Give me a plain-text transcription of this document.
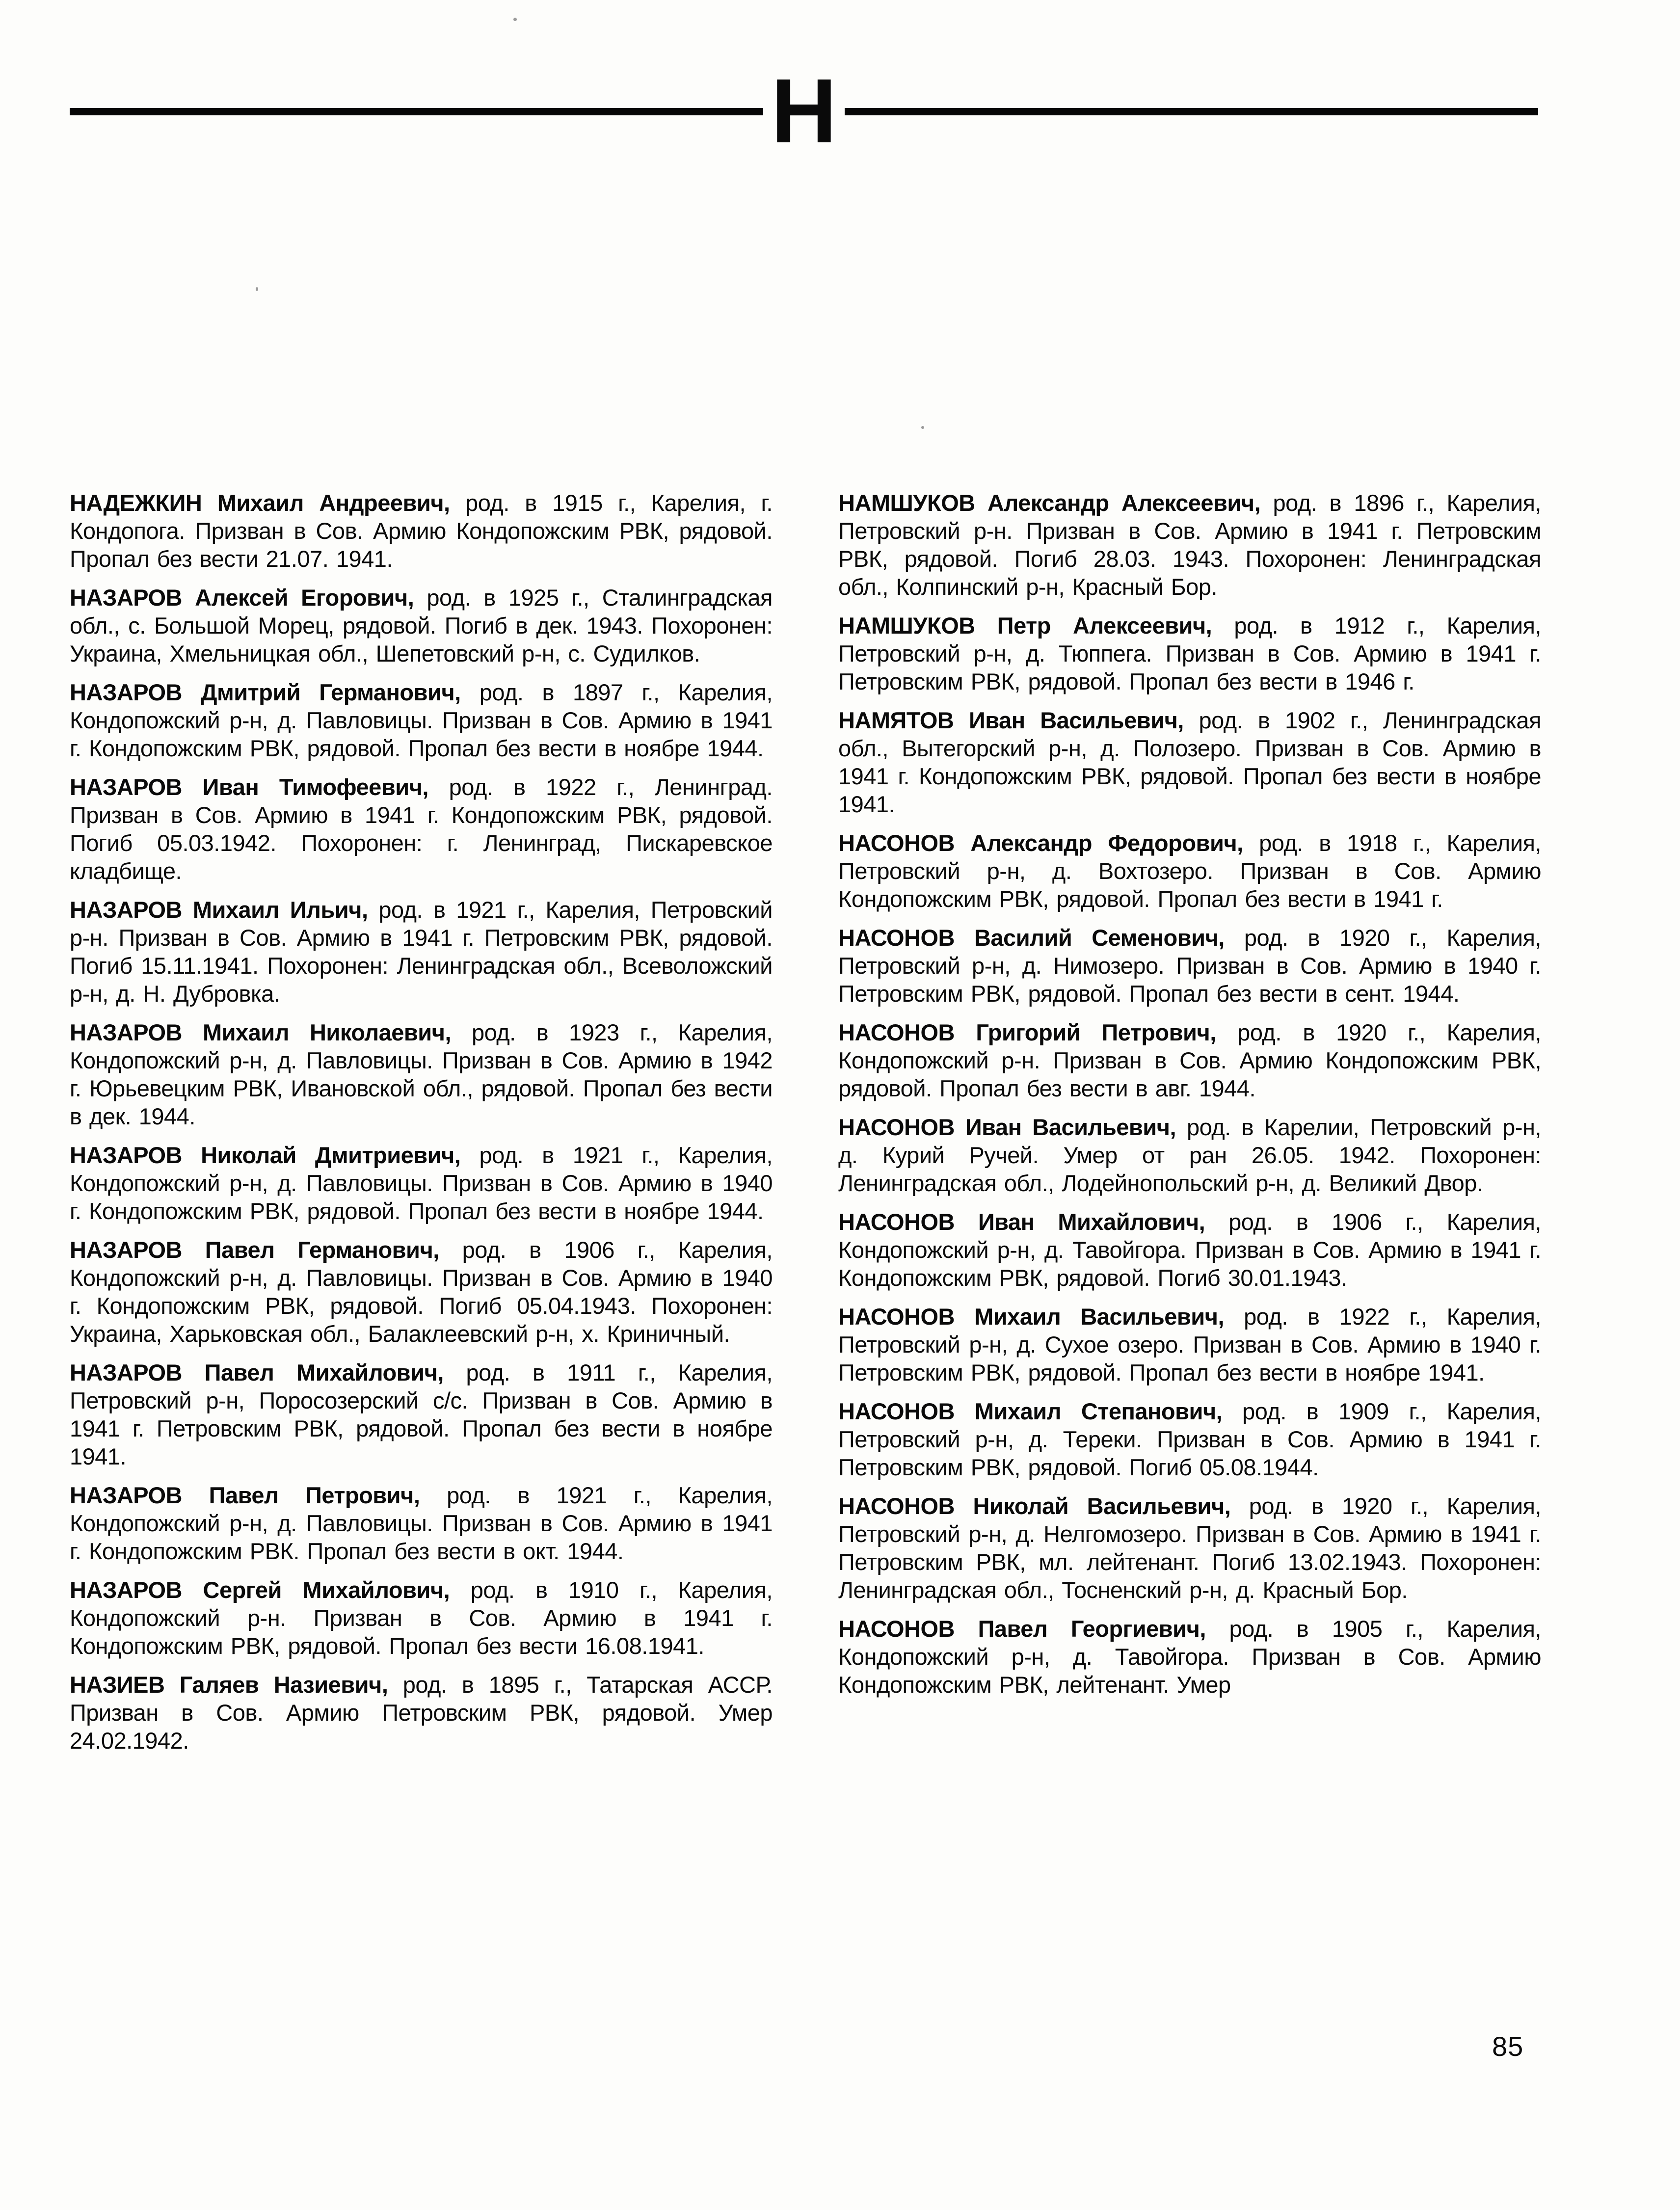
Н

НАДЕЖКИН Михаил Андреевич, род. в 1915 г., Карелия, г. Кондопога. Призван в Сов. Армию Кондопожским РВК, рядовой. Пропал без вести 21.07. 1941.

НАЗАРОВ Алексей Егорович, род. в 1925 г., Сталинградская обл., с. Большой Морец, рядовой. Погиб в дек. 1943. Похоронен: Украина, Хмельницкая обл., Шепетовский р-н, с. Судилков.

НАЗАРОВ Дмитрий Германович, род. в 1897 г., Карелия, Кондопожский р-н, д. Павловицы. Призван в Сов. Армию в 1941 г. Кондопожским РВК, рядовой. Пропал без вести в ноябре 1944.

НАЗАРОВ Иван Тимофеевич, род. в 1922 г., Ленинград. Призван в Сов. Армию в 1941 г. Кондопожским РВК, рядовой. Погиб 05.03.1942. Похоронен: г. Ленинград, Пискаревское кладбище.

НАЗАРОВ Михаил Ильич, род. в 1921 г., Карелия, Петровский р-н. Призван в Сов. Армию в 1941 г. Петровским РВК, рядовой. Погиб 15.11.1941. Похоронен: Ленинградская обл., Всеволожский р-н, д. Н. Дубровка.

НАЗАРОВ Михаил Николаевич, род. в 1923 г., Карелия, Кондопожский р-н, д. Павловицы. Призван в Сов. Армию в 1942 г. Юрьевецким РВК, Ивановской обл., рядовой. Пропал без вести в дек. 1944.

НАЗАРОВ Николай Дмитриевич, род. в 1921 г., Карелия, Кондопожский р-н, д. Павловицы. Призван в Сов. Армию в 1940 г. Кондопожским РВК, рядовой. Пропал без вести в ноябре 1944.

НАЗАРОВ Павел Германович, род. в 1906 г., Карелия, Кондопожский р-н, д. Павловицы. Призван в Сов. Армию в 1940 г. Кондопожским РВК, рядовой. Погиб 05.04.1943. Похоронен: Украина, Харьковская обл., Балаклеевский р-н, х. Криничный.

НАЗАРОВ Павел Михайлович, род. в 1911 г., Карелия, Петровский р-н, Поросозерский с/с. Призван в Сов. Армию в 1941 г. Петровским РВК, рядовой. Пропал без вести в ноябре 1941.

НАЗАРОВ Павел Петрович, род. в 1921 г., Карелия, Кондопожский р-н, д. Павловицы. Призван в Сов. Армию в 1941 г. Кондопожским РВК. Пропал без вести в окт. 1944.

НАЗАРОВ Сергей Михайлович, род. в 1910 г., Карелия, Кондопожский р-н. Призван в Сов. Армию в 1941 г. Кондопожским РВК, рядовой. Пропал без вести 16.08.1941.

НАЗИЕВ Галяев Назиевич, род. в 1895 г., Татарская АССР. Призван в Сов. Армию Петровским РВК, рядовой. Умер 24.02.1942.

НАМШУКОВ Александр Алексеевич, род. в 1896 г., Карелия, Петровский р-н. Призван в Сов. Армию в 1941 г. Петровским РВК, рядовой. Погиб 28.03. 1943. Похоронен: Ленинградская обл., Колпинский р-н, Красный Бор.

НАМШУКОВ Петр Алексеевич, род. в 1912 г., Карелия, Петровский р-н, д. Тюппега. Призван в Сов. Армию в 1941 г. Петровским РВК, рядовой. Пропал без вести в 1946 г.

НАМЯТОВ Иван Васильевич, род. в 1902 г., Ленинградская обл., Вытегорский р-н, д. Полозеро. Призван в Сов. Армию в 1941 г. Кондопожским РВК, рядовой. Пропал без вести в ноябре 1941.

НАСОНОВ Александр Федорович, род. в 1918 г., Карелия, Петровский р-н, д. Вохтозеро. Призван в Сов. Армию Кондопожским РВК, рядовой. Пропал без вести в 1941 г.

НАСОНОВ Василий Семенович, род. в 1920 г., Карелия, Петровский р-н, д. Нимозеро. Призван в Сов. Армию в 1940 г. Петровским РВК, рядовой. Пропал без вести в сент. 1944.

НАСОНОВ Григорий Петрович, род. в 1920 г., Карелия, Кондопожский р-н. Призван в Сов. Армию Кондопожским РВК, рядовой. Пропал без вести в авг. 1944.

НАСОНОВ Иван Васильевич, род. в Карелии, Петровский р-н, д. Курий Ручей. Умер от ран 26.05. 1942. Похоронен: Ленинградская обл., Лодейнопольский р-н, д. Великий Двор.

НАСОНОВ Иван Михайлович, род. в 1906 г., Карелия, Кондопожский р-н, д. Тавойгора. Призван в Сов. Армию в 1941 г. Кондопожским РВК, рядовой. Погиб 30.01.1943.

НАСОНОВ Михаил Васильевич, род. в 1922 г., Карелия, Петровский р-н, д. Сухое озеро. Призван в Сов. Армию в 1940 г. Петровским РВК, рядовой. Пропал без вести в ноябре 1941.

НАСОНОВ Михаил Степанович, род. в 1909 г., Карелия, Петровский р-н, д. Тереки. Призван в Сов. Армию в 1941 г. Петровским РВК, рядовой. Погиб 05.08.1944.

НАСОНОВ Николай Васильевич, род. в 1920 г., Карелия, Петровский р-н, д. Нелгомозеро. Призван в Сов. Армию в 1941 г. Петровским РВК, мл. лейтенант. Погиб 13.02.1943. Похоронен: Ленинградская обл., Тосненский р-н, д. Красный Бор.

НАСОНОВ Павел Георгиевич, род. в 1905 г., Карелия, Кондопожский р-н, д. Тавойгора. Призван в Сов. Армию Кондопожским РВК, лейтенант. Умер

85
